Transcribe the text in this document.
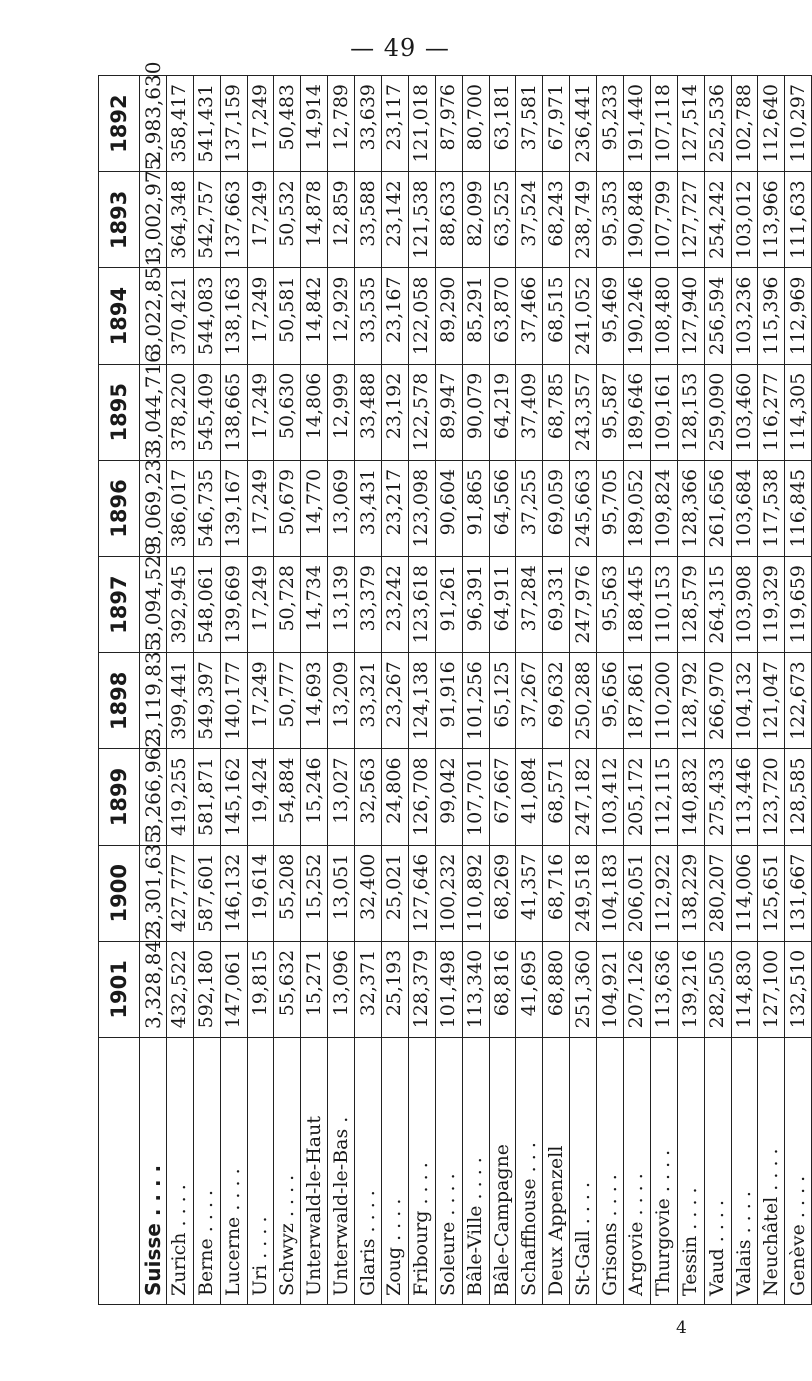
— 49 —
	1901	1900	1899	1898	1897	1896	1895	1894	1893	1892
Suisse . . . .	3,328,842	3,301,635	3,266,962	3,119,835	3,094,529	3,069,233	3,044,716	3,022,851	3,002,975	2,983,630
Zurich . . . .	432,522	427,777	419,255	399,441	392,945	386,017	378,220	370,421	364,348	358,417
Berne . . . .	592,180	587,601	581,871	549,397	548,061	546,735	545,409	544,083	542,757	541,431
Lucerne . . . .	147,061	146,132	145,162	140,177	139,669	139,167	138,665	138,163	137,663	137,159
Uri . . . .	19,815	19,614	19,424	17,249	17,249	17,249	17,249	17,249	17,249	17,249
Schwyz . . . .	55,632	55,208	54,884	50,777	50,728	50,679	50,630	50,581	50,532	50,483
Unterwald-le-Haut	15,271	15,252	15,246	14,693	14,734	14,770	14,806	14,842	14,878	14,914
Unterwald-le-Bas .	13,096	13,051	13,027	13,209	13,139	13,069	12,999	12,929	12,859	12,789
Glaris . . . .	32,371	32,400	32,563	33,321	33,379	33,431	33,488	33,535	33,588	33,639
Zoug . . . .	25,193	25,021	24,806	23,267	23,242	23,217	23,192	23,167	23,142	23,117
Fribourg . . . .	128,379	127,646	126,708	124,138	123,618	123,098	122,578	122,058	121,538	121,018
Soleure . . . .	101,498	100,232	99,042	91,916	91,261	90,604	89,947	89,290	88,633	87,976
Bâle-Ville . . . .	113,340	110,892	107,701	101,256	96,391	91,865	90,079	85,291	82,099	80,700
Bâle-Campagne	68,816	68,269	67,667	65,125	64,911	64,566	64,219	63,870	63,525	63,181
Schaffhouse . . .	41,695	41,357	41,084	37,267	37,284	37,255	37,409	37,466	37,524	37,581
Deux Appenzell	68,880	68,716	68,571	69,632	69,331	69,059	68,785	68,515	68,243	67,971
St-Gall . . . .	251,360	249,518	247,182	250,288	247,976	245,663	243,357	241,052	238,749	236,441
Grisons . . . .	104,921	104,183	103,412	95,656	95,563	95,705	95,587	95,469	95,353	95,233
Argovie . . . .	207,126	206,051	205,172	187,861	188,445	189,052	189,646	190,246	190,848	191,440
Thurgovie . . . .	113,636	112,922	112,115	110,200	110,153	109,824	109,161	108,480	107,799	107,118
Tessin . . . .	139,216	138,229	140,832	128,792	128,579	128,366	128,153	127,940	127,727	127,514
Vaud . . . .	282,505	280,207	275,433	266,970	264,315	261,656	259,090	256,594	254,242	252,536
Valais . . . .	114,830	114,006	113,446	104,132	103,908	103,684	103,460	103,236	103,012	102,788
Neuchâtel . . . .	127,100	125,651	123,720	121,047	119,329	117,538	116,277	115,396	113,966	112,640
Genève . . . .	132,510	131,667	128,585	122,673	119,659	116,845	114,305	112,969	111,633	110,297
4
